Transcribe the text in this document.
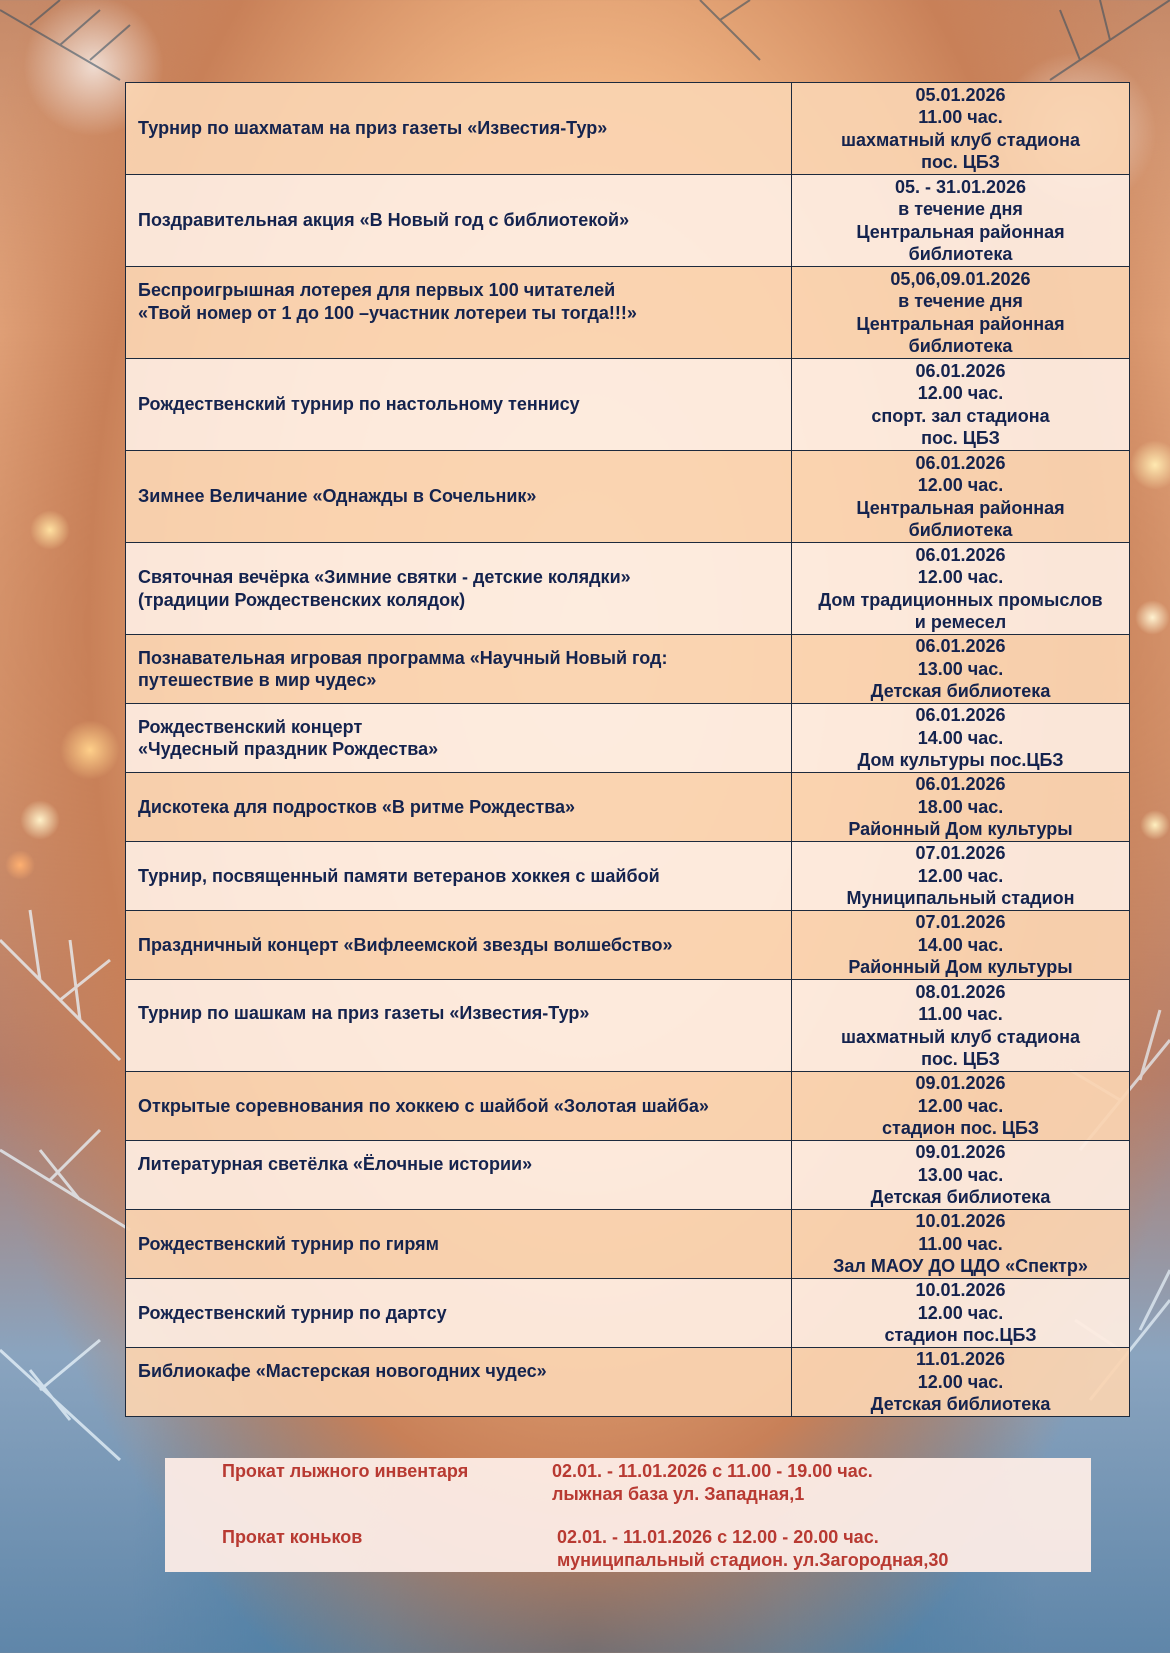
Турнир по шахматам на приз газеты «Известия-Тур»	05.01.2026
11.00 час.
шахматный клуб стадиона
пос. ЦБЗ

Поздравительная акция «В Новый год с библиотекой»	05. - 31.01.2026
в течение дня
Центральная районная
библиотека

Беспроигрышная лотерея для первых 100 читателей
«Твой номер от 1 до 100 –участник лотереи ты тогда!!!»	05,06,09.01.2026
в течение дня
Центральная районная
библиотека

Рождественский турнир по настольному теннису	06.01.2026
12.00 час.
спорт. зал стадиона
пос. ЦБЗ

Зимнее Величание «Однажды в Сочельник»	06.01.2026
12.00 час.
Центральная районная
библиотека

Святочная вечёрка «Зимние святки - детские колядки»
(традиции Рождественских колядок)	06.01.2026
12.00 час.
Дом традиционных промыслов
и ремесел

Познавательная игровая программа «Научный Новый год:
путешествие в мир чудес»	06.01.2026
13.00 час.
Детская библиотека

Рождественский концерт
«Чудесный праздник Рождества»	06.01.2026
14.00 час.
Дом культуры пос.ЦБЗ

Дискотека для подростков «В ритме Рождества»	06.01.2026
18.00 час.
Районный Дом культуры

Турнир, посвященный памяти ветеранов хоккея с шайбой	07.01.2026
12.00 час.
Муниципальный стадион

Праздничный концерт «Вифлеемской звезды волшебство»	07.01.2026
14.00 час.
Районный Дом культуры

Турнир по шашкам на приз газеты «Известия-Тур»	08.01.2026
11.00 час.
шахматный клуб стадиона
пос. ЦБЗ

Открытые соревнования по хоккею с шайбой «Золотая шайба»	09.01.2026
12.00 час.
стадион пос. ЦБЗ

Литературная светёлка «Ёлочные истории»	09.01.2026
13.00 час.
Детская библиотека

Рождественский турнир по гирям	10.01.2026
11.00 час.
Зал МАОУ ДО ЦДО «Спектр»

Рождественский турнир по дартсу	10.01.2026
12.00 час.
стадион пос.ЦБЗ

Библиокафе «Мастерская новогодних чудес»	11.01.2026
12.00 час.
Детская библиотека
Прокат лыжного инвентаря	02.01. - 11.01.2026 с 11.00 - 19.00 час.
лыжная база ул. Западная,1
Прокат коньков	02.01. - 11.01.2026 с 12.00 - 20.00 час.
муниципальный стадион. ул.Загородная,30
